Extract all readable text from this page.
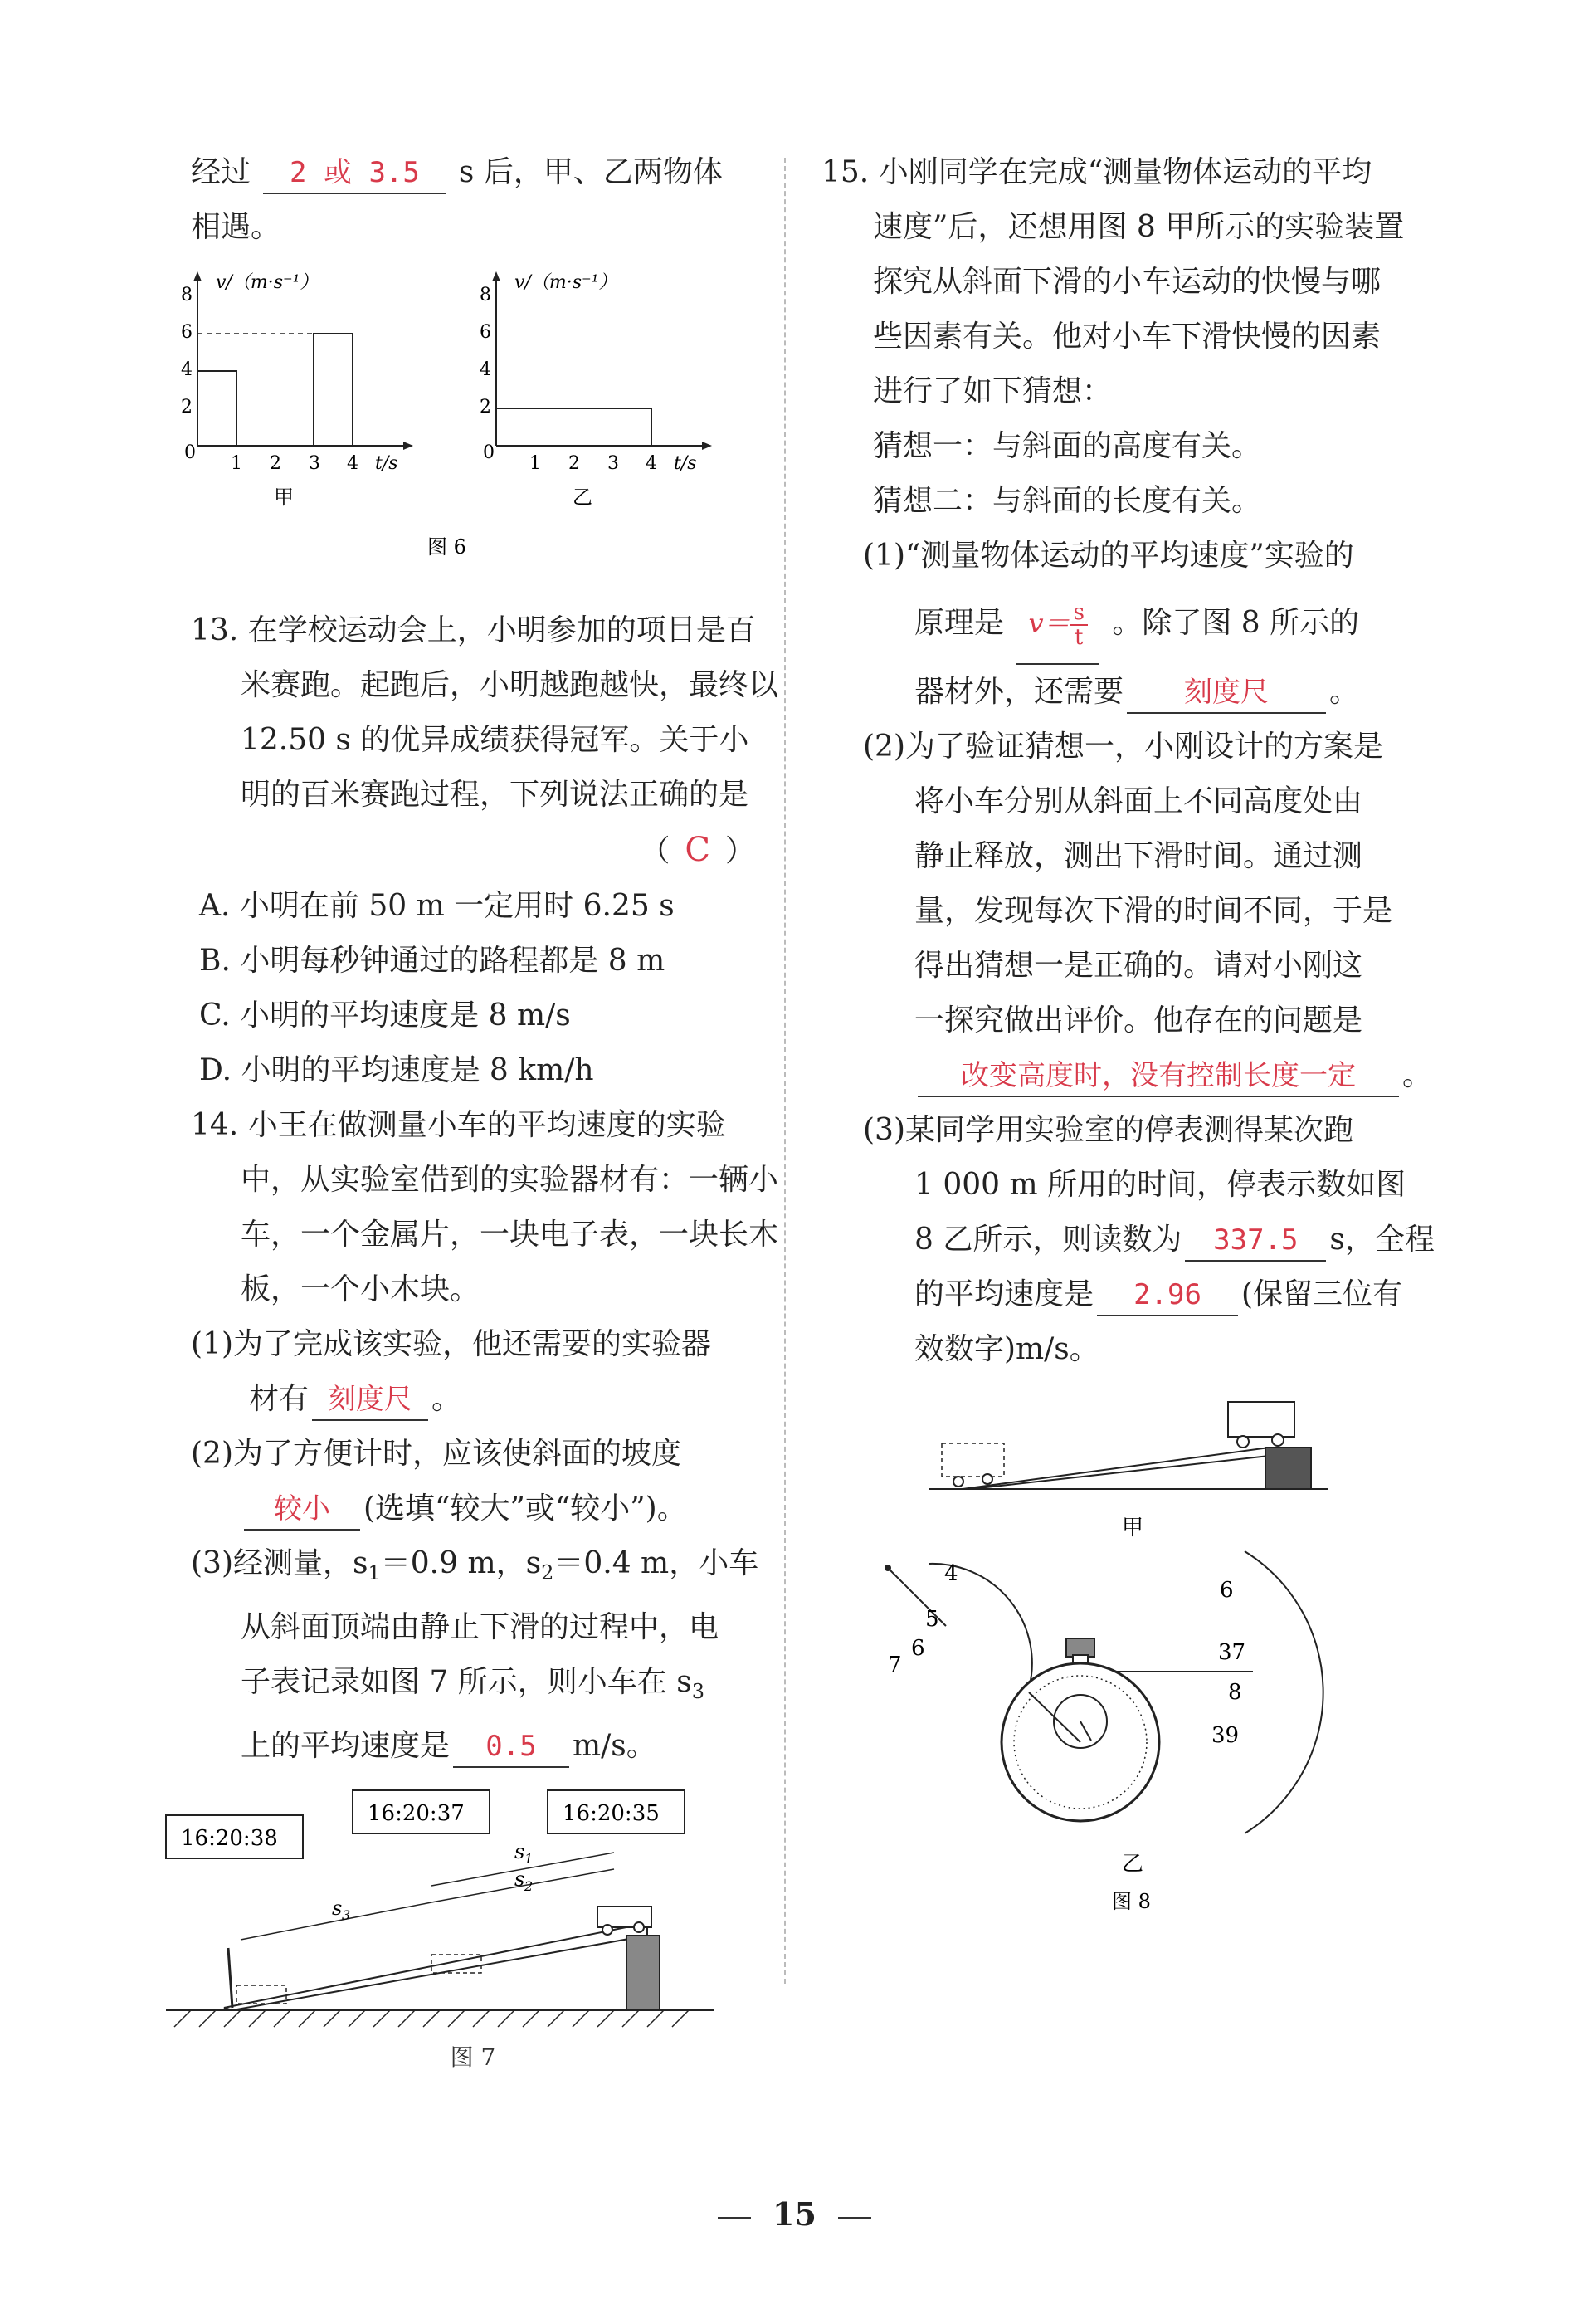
经过 2 或 3.5 s 后，甲、乙两物体
相遇。
v/（m·s⁻¹）
0
2
4
6
8
1 2 3 4 t/s
甲
v/（m·s⁻¹）
0
2
4
6
8
1 2 3 4 t/s
乙
图 6
13. 在学校运动会上，小明参加的项目是百
米赛跑。起跑后，小明越跑越快，最终以
12.50 s 的优异成绩获得冠军。关于小
明的百米赛跑过程，下列说法正确的是
（ C ）
A. 小明在前 50 m 一定用时 6.25 s
B. 小明每秒钟通过的路程都是 8 m
C. 小明的平均速度是 8 m/s
D. 小明的平均速度是 8 km/h
14. 小王在做测量小车的平均速度的实验
中，从实验室借到的实验器材有：一辆小
车，一个金属片，一块电子表，一块长木
板，一个小木块。
(1)为了完成该实验，他还需要的实验器
材有 刻度尺 。
(2)为了方便计时，应该使斜面的坡度
较小 (选填“较大”或“较小”)。
(3)经测量，$s_1=0.9$ m，$s_2=0.4$ m，小车
从斜面顶端由静止下滑的过程中，电
子表记录如图 7 所示，则小车在 $s_3$
上的平均速度是 0.5 m/s。
16:20:38
16:20:37	16:20:35
s 3
s 2
s 1
图 7
15. 小刚同学在完成“测量物体运动的平均
速度”后，还想用图 8 甲所示的实验装置
探究从斜面下滑的小车运动的快慢与哪
些因素有关。他对小车下滑快慢的因素
进行了如下猜想：
猜想一：与斜面的高度有关。
猜想二：与斜面的长度有关。
(1)“测量物体运动的平均速度”实验的
原理是 $v= \frac{s}{t}$ 。除了图 8 所示的
器材外，还需要 刻度尺 。
(2)为了验证猜想一，小刚设计的方案是
将小车分别从斜面上不同高度处由
静止释放，测出下滑时间。通过测
量，发现每次下滑的时间不同，于是
得出猜想一是正确的。请对小刚这
一探究做出评价。他存在的问题是
改变高度时，没有控制长度一定 。
(3)某同学用实验室的停表测得某次跑
1 000 m 所用的时间，停表示数如图
8 乙所示，则读数为 337.5 s，全程
的平均速度是 2.96 (保留三位有
效数字)m/s。
甲
4
5
6
7
6
37
8
39
乙
图 8
15
